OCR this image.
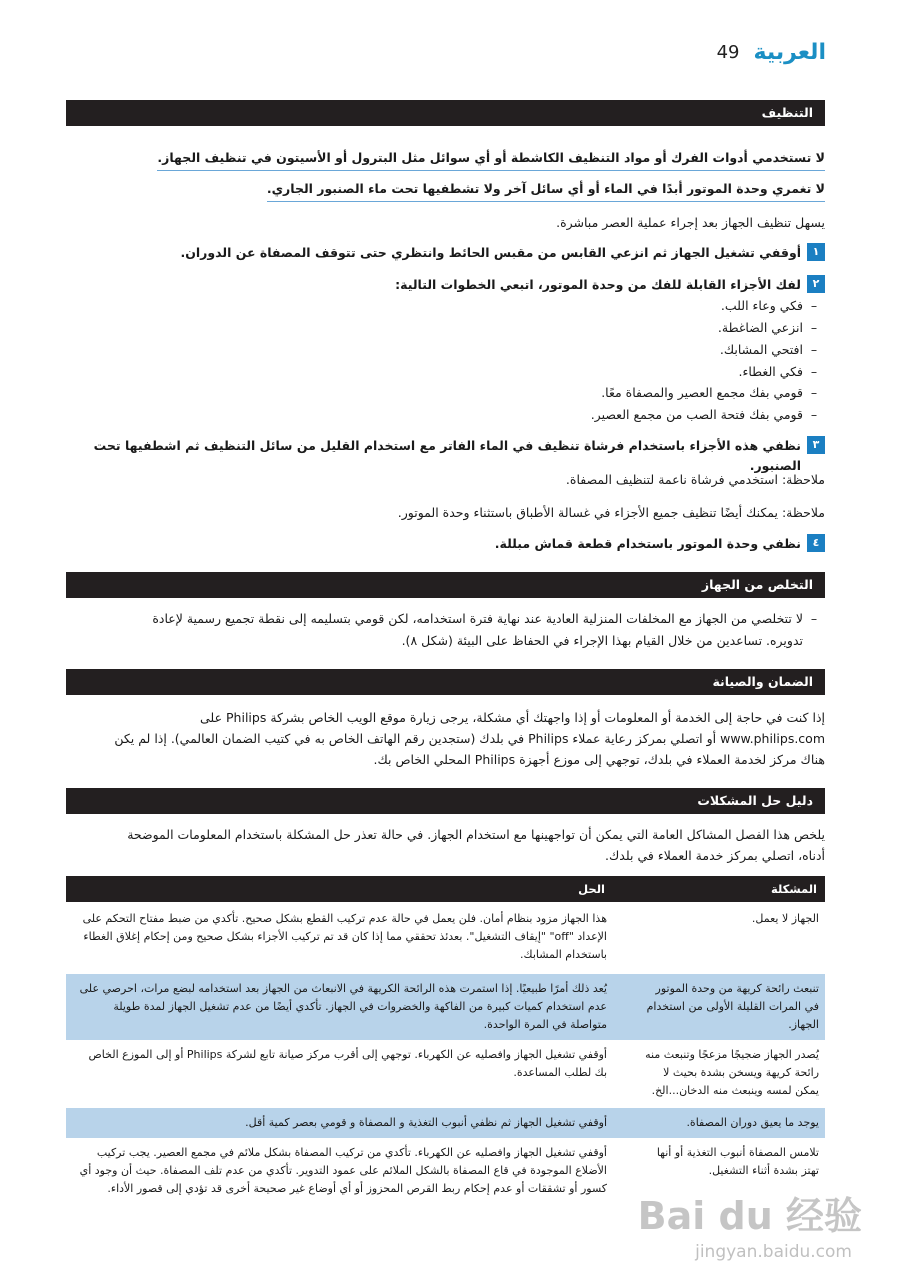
49 العربية
التنظيف
لا تستخدمي أدوات الفرك أو مواد التنظيف الكاشطة أو أي سوائل مثل البترول أو الأسيتون في تنظيف الجهاز.
لا تغمري وحدة الموتور أبدًا في الماء أو أي سائل آخر ولا تشطفيها تحت ماء الصنبور الجاري.
يسهل تنظيف الجهاز بعد إجراء عملية العصر مباشرة.
١
أوقفي تشغيل الجهاز ثم انزعي القابس من مقبس الحائط وانتظري حتى تتوقف المصفاة عن الدوران.
٢
لفك الأجزاء القابلة للفك من وحدة الموتور، اتبعي الخطوات التالية:
–فكي وعاء اللب.
–انزعي الضاغطة.
–افتحي المشابك.
–فكي الغطاء.
–قومي بفك مجمع العصير والمصفاة معًا.
–قومي بفك فتحة الصب من مجمع العصير.
٣
نظفي هذه الأجزاء باستخدام فرشاة تنظيف في الماء الفاتر مع استخدام القليل من سائل التنظيف ثم اشطفيها تحت الصنبور.
ملاحظة: استخدمي فرشاة ناعمة لتنظيف المصفاة.
ملاحظة: يمكنك أيضًا تنظيف جميع الأجزاء في غسالة الأطباق باستثناء وحدة الموتور.
٤
نظفي وحدة الموتور باستخدام قطعة قماش مبللة.
التخلص من الجهاز
–لا تتخلصي من الجهاز مع المخلفات المنزلية العادية عند نهاية فترة استخدامه، لكن قومي بتسليمه إلى نقطة تجميع رسمية لإعادة
تدويره. تساعدين من خلال القيام بهذا الإجراء في الحفاظ على البيئة (شكل ٨).
الضمان والصيانة
إذا كنت في حاجة إلى الخدمة أو المعلومات أو إذا واجهتك أي مشكلة، يرجى زيارة موقع الويب الخاص بشركة Philips على
www.philips.com أو اتصلي بمركز رعاية عملاء Philips في بلدك (ستجدين رقم الهاتف الخاص به في كتيب الضمان العالمي). إذا لم يكن
هناك مركز لخدمة العملاء في بلدك، توجهي إلى موزع أجهزة Philips المحلي الخاص بك.
دليل حل المشكلات
يلخص هذا الفصل المشاكل العامة التي يمكن أن تواجهينها مع استخدام الجهاز. في حالة تعذر حل المشكلة باستخدام المعلومات الموضحة
أدناه، اتصلي بمركز خدمة العملاء في بلدك.
المشكلة
الحل
الجهاز لا يعمل.
هذا الجهاز مزود بنظام أمان. فلن يعمل في حالة عدم تركيب القطع بشكل صحيح. تأكدي من ضبط مفتاح التحكم على الإعداد "off" "إيقاف التشغيل". بعدئذ تحققي مما إذا كان قد تم تركيب الأجزاء بشكل صحيح ومن إحكام إغلاق الغطاء باستخدام المشابك.
تنبعث رائحة كريهة من وحدة الموتور في المرات القليلة الأولى من استخدام الجهاز.
يُعد ذلك أمرًا طبيعيًا. إذا استمرت هذه الرائحة الكريهة في الانبعاث من الجهاز بعد استخدامه لبضع مرات، احرصي على عدم استخدام كميات كبيرة من الفاكهة والخضروات في الجهاز. تأكدي أيضًا من عدم تشغيل الجهاز لمدة طويلة متواصلة في المرة الواحدة.
يُصدر الجهاز ضجيجًا مزعجًا وتنبعث منه رائحة كريهة ويسخن بشدة بحيث لا يمكن لمسه وينبعث منه الدخان...الخ.
أوقفي تشغيل الجهاز وافصليه عن الكهرباء. توجهي إلى أقرب مركز صيانة تابع لشركة Philips أو إلى الموزع الخاص بك لطلب المساعدة.
يوجد ما يعيق دوران المصفاة.
أوقفي تشغيل الجهاز ثم نظفي أنبوب التغذية و المصفاة و قومي بعصر كمية أقل.
تلامس المصفاة أنبوب التغذية أو أنها تهتز بشدة أثناء التشغيل.
أوقفي تشغيل الجهاز وافصليه عن الكهرباء. تأكدي من تركيب المصفاة بشكل ملائم في مجمع العصير. يجب تركيب الأضلاع الموجودة في قاع المصفاة بالشكل الملائم على عمود التدوير. تأكدي من عدم تلف المصفاة. حيث أن وجود أي كسور أو تشققات أو عدم إحكام ربط القرص المحزوز أو أي أوضاع غير صحيحة أخرى قد تؤدي إلى قصور الأداء.
Bai du 经验
jingyan.baidu.com
